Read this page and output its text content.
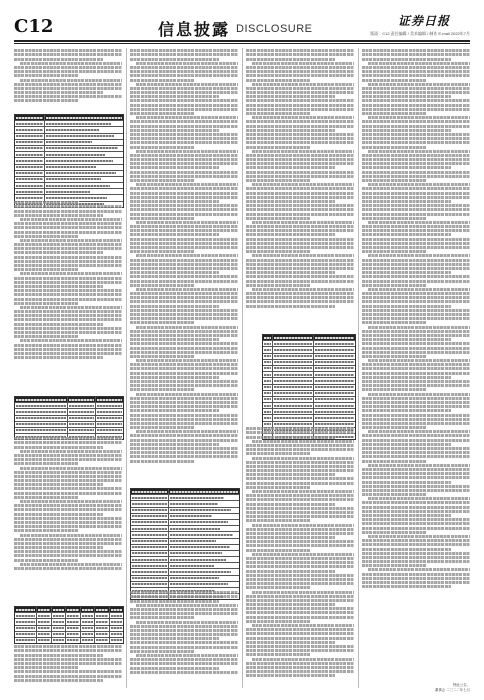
C12	信息披露 DISCLOSURE
证券日报
版面：C12 责任编辑 / 美术编辑 / 制作 E-mail 2022年7月
特此公告。
董事会 二〇二二年七月
